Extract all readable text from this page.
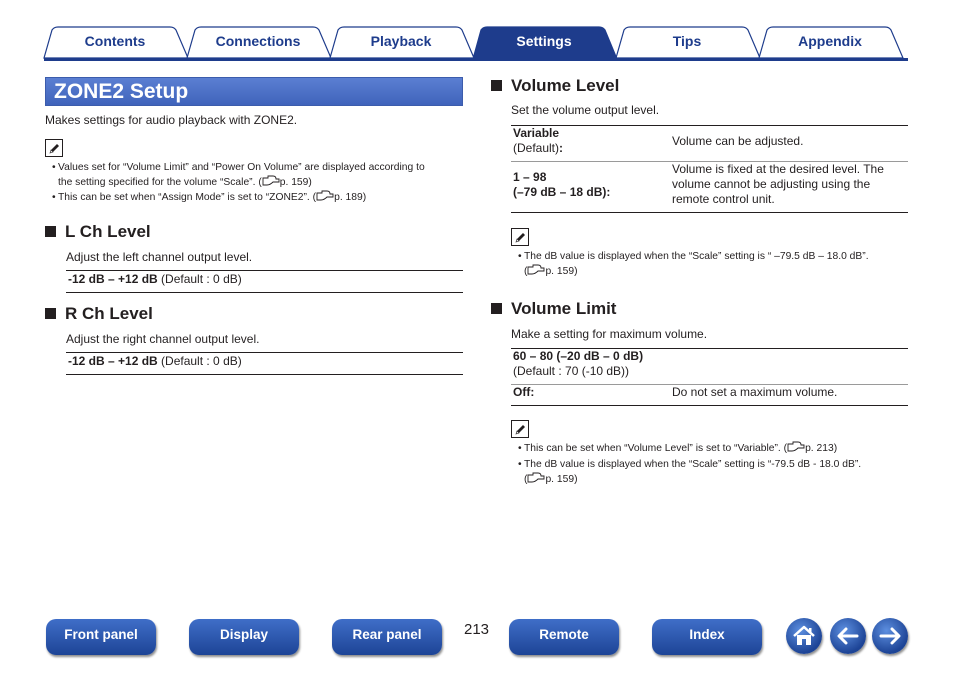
Contents	Connections	Playback	Settings	Tips	Appendix
ZONE2 Setup
Makes settings for audio playback with ZONE2.
• Values set for “Volume Limit” and “Power On Volume” are displayed according to
the setting specified for the volume “Scale”. ( p. 159)
• This can be set when “Assign Mode” is set to “ZONE2”. ( p. 189)
L Ch Level
Adjust the left channel output level.
-12 dB – +12 dB (Default : 0 dB)
R Ch Level
Adjust the right channel output level.
-12 dB – +12 dB (Default : 0 dB)
Volume Level
Set the volume output level.
Variable
(Default):	Volume can be adjusted.
1 – 98
(–79 dB – 18 dB):
Volume is fixed at the desired level. The
volume cannot be adjusting using the
remote control unit.
• The dB value is displayed when the “Scale” setting is “ –79.5 dB – 18.0 dB”.
( p. 159)
Volume Limit
Make a setting for maximum volume.
60 – 80 (–20 dB – 0 dB)
(Default : 70 (-10 dB))
Off:	Do not set a maximum volume.
• This can be set when “Volume Level” is set to “Variable”. ( p. 213)
• The dB value is displayed when the “Scale” setting is “-79.5 dB - 18.0 dB”.
( p. 159)
Front panel	Display	Rear panel	213	Remote	Index
